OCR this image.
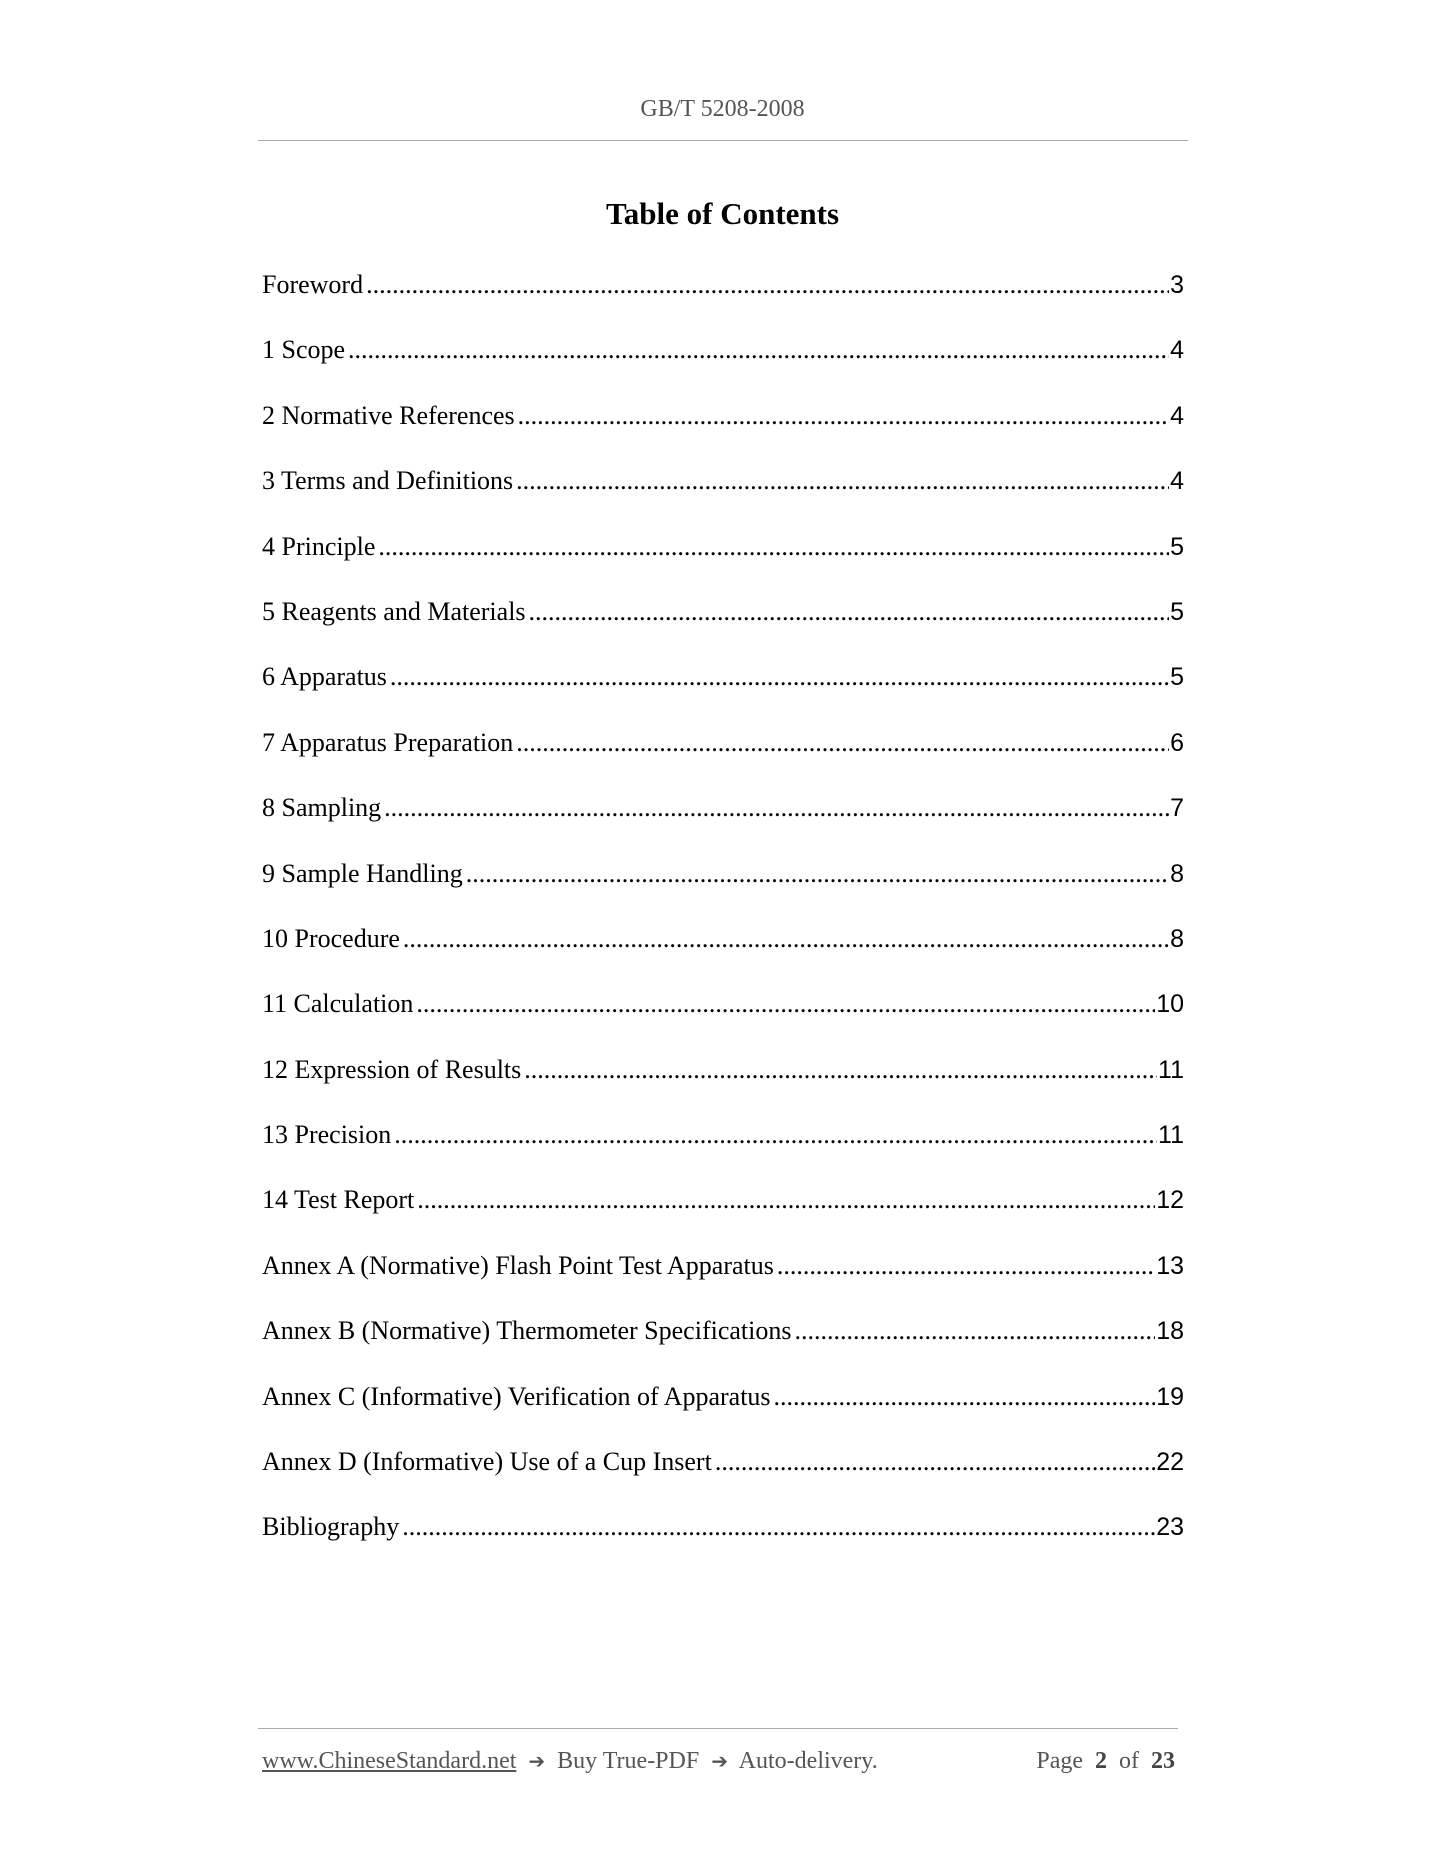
GB/T 5208-2008
Table of Contents
Foreword .....	3
1 Scope .....	4
2 Normative References .....	4
3 Terms and Definitions .....	4
4 Principle .....	5
5 Reagents and Materials .....	5
6 Apparatus .....	5
7 Apparatus Preparation .....	6
8 Sampling .....	7
9 Sample Handling .....	8
10 Procedure .....	8
11 Calculation .....	10
12 Expression of Results .....	11
13 Precision .....	11
14 Test Report .....	12
Annex A (Normative) Flash Point Test Apparatus .....	13
Annex B (Normative) Thermometer Specifications .....	18
Annex C (Informative) Verification of Apparatus .....	19
Annex D (Informative) Use of a Cup Insert .....	22
Bibliography .....	23
www.ChineseStandard.net ➔ Buy True-PDF ➔ Auto-delivery.	Page 2 of 23
